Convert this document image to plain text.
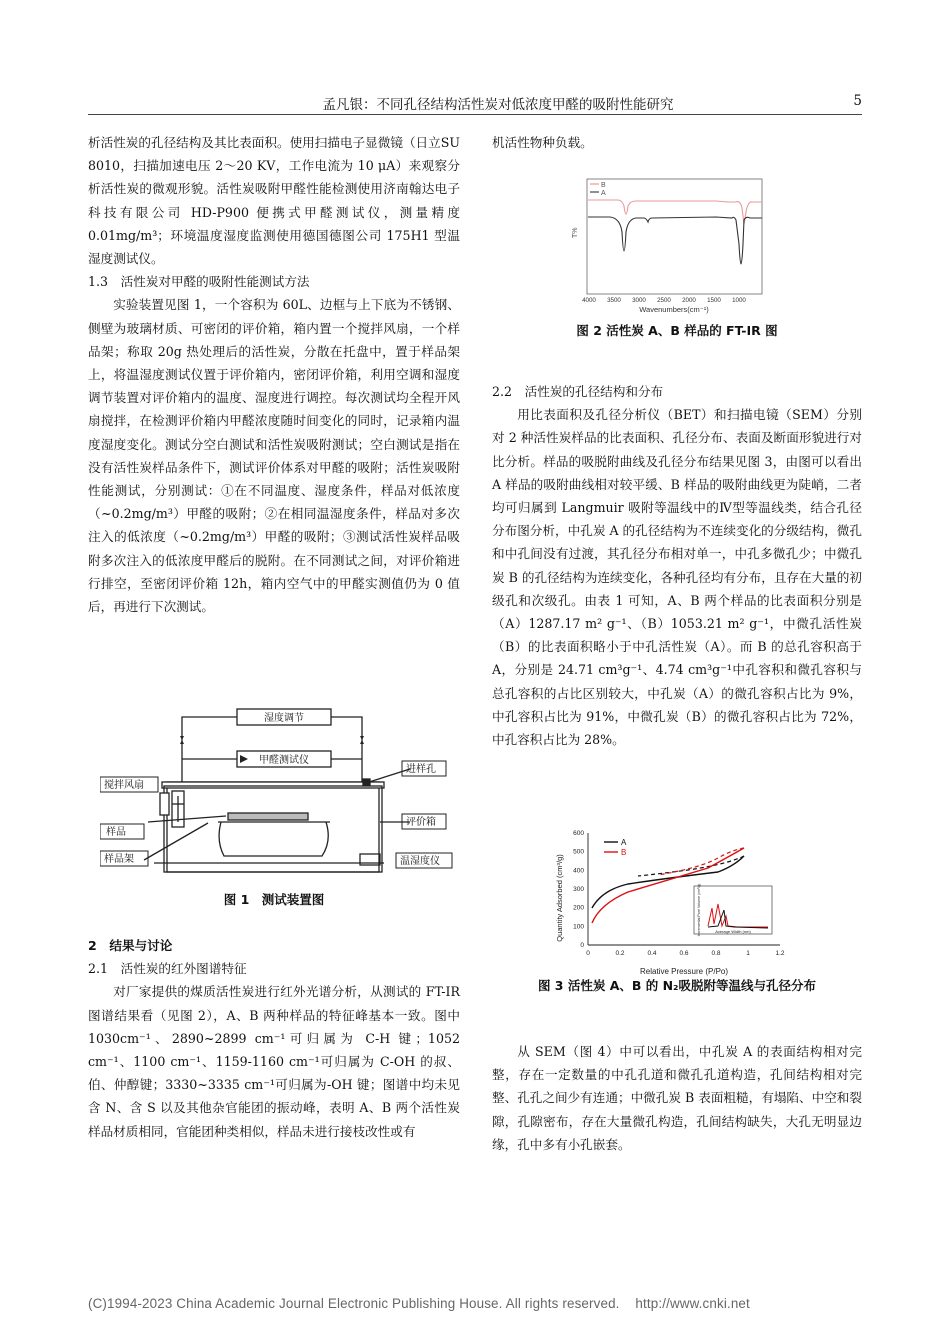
孟凡银：不同孔径结构活性炭对低浓度甲醛的吸附性能研究	5

析活性炭的孔径结构及其比表面积。使用扫描电子显微镜（日立SU 8010，扫描加速电压 2～20 KV，工作电流为 10 μA）来观察分析活性炭的微观形貌。活性炭吸附甲醛性能检测使用济南翰达电子科技有限公司 HD-P900 便携式甲醛测试仪，测量精度 0.01mg/m³；环境温度湿度监测使用德国德图公司 175H1 型温湿度测试仪。

1.3　活性炭对甲醛的吸附性能测试方法

实验装置见图 1，一个容积为 60L、边框与上下底为不锈钢、侧壁为玻璃材质、可密闭的评价箱，箱内置一个搅拌风扇，一个样品架；称取 20g 热处理后的活性炭，分散在托盘中，置于样品架上，将温湿度测试仪置于评价箱内，密闭评价箱，利用空调和湿度调节装置对评价箱内的温度、湿度进行调控。每次测试均全程开风扇搅拌，在检测评价箱内甲醛浓度随时间变化的同时，记录箱内温度湿度变化。测试分空白测试和活性炭吸附测试；空白测试是指在没有活性炭样品条件下，测试评价体系对甲醛的吸附；活性炭吸附性能测试，分别测试：①在不同温度、湿度条件，样品对低浓度（~0.2mg/m³）甲醛的吸附；②在相同温湿度条件，样品对多次注入的低浓度（~0.2mg/m³）甲醛的吸附；③测试活性炭样品吸附多次注入的低浓度甲醛后的脱附。在不同测试之间，对评价箱进行排空，至密闭评价箱 12h，箱内空气中的甲醛实测值仍为 0 值后，再进行下次测试。

湿度调节
甲醛测试仪
搅拌风扇
样品
样品架
进样孔
评价箱
温湿度仪
图 1　测试装置图

2　结果与讨论

2.1　活性炭的红外图谱特征

对厂家提供的煤质活性炭进行红外光谱分析，从测试的 FT-IR 图谱结果看（见图 2），A、B 两种样品的特征峰基本一致。图中 1030cm⁻¹、2890~2899 cm⁻¹可归属为 C-H 键；1052 cm⁻¹、1100 cm⁻¹、1159-1160 cm⁻¹可归属为 C-OH 的叔、伯、仲醇键；3330~3335 cm⁻¹可归属为-OH 键；图谱中均未见含 N、含 S 以及其他杂官能团的振动峰，表明 A、B 两个活性炭样品材质相同，官能团种类相似，样品未进行接枝改性或有

机活性物种负载。

B
A
T%
4000 3500 3000 2500 2000 1500 1000
Wavenumbers(cm⁻¹)
图 2 活性炭 A、B 样品的 FT-IR 图

2.2　活性炭的孔径结构和分布

用比表面积及孔径分析仪（BET）和扫描电镜（SEM）分别对 2 种活性炭样品的比表面积、孔径分布、表面及断面形貌进行对比分析。样品的吸脱附曲线及孔径分布结果见图 3，由图可以看出 A 样品的吸附曲线相对较平缓、B 样品的吸附曲线更为陡峭，二者均可归属到 Langmuir 吸附等温线中的Ⅳ型等温线类，结合孔径分布图分析，中孔炭 A 的孔径结构为不连续变化的分级结构，微孔和中孔间没有过渡，其孔径分布相对单一，中孔多微孔少；中微孔炭 B 的孔径结构为连续变化，各种孔径均有分布，且存在大量的初级孔和次级孔。由表 1 可知，A、B 两个样品的比表面积分别是（A）1287.17 m² g⁻¹、（B）1053.21 m² g⁻¹，中微孔活性炭（B）的比表面积略小于中孔活性炭（A）。而 B 的总孔容积高于 A，分别是 24.71 cm³g⁻¹、4.74 cm³g⁻¹中孔容积和微孔容积与总孔容积的占比区别较大，中孔炭（A）的微孔容积占比为 9%，中孔容积占比为 91%，中微孔炭（B）的微孔容积占比为 72%，中孔容积占比为 28%。

Quantity Adsorbed (cm³/g)
0
100
200
300
400
500
600
0	0.2	0.4	0.6	0.8	1	1.2
Relative Pressure (P/Po)
A
B
Incremental Pore Volume (cm³/g)	Average Width (nm)
图 3 活性炭 A、B 的 N₂吸脱附等温线与孔径分布

从 SEM（图 4）中可以看出，中孔炭 A 的表面结构相对完整，存在一定数量的中孔孔道和微孔孔道构造，孔间结构相对完整、孔孔之间少有连通；中微孔炭 B 表面粗糙，有塌陷、中空和裂隙，孔隙密布，存在大量微孔构造，孔间结构缺失，大孔无明显边缘，孔中多有小孔嵌套。

(C)1994-2023 China Academic Journal Electronic Publishing House. All rights reserved. http://www.cnki.net
